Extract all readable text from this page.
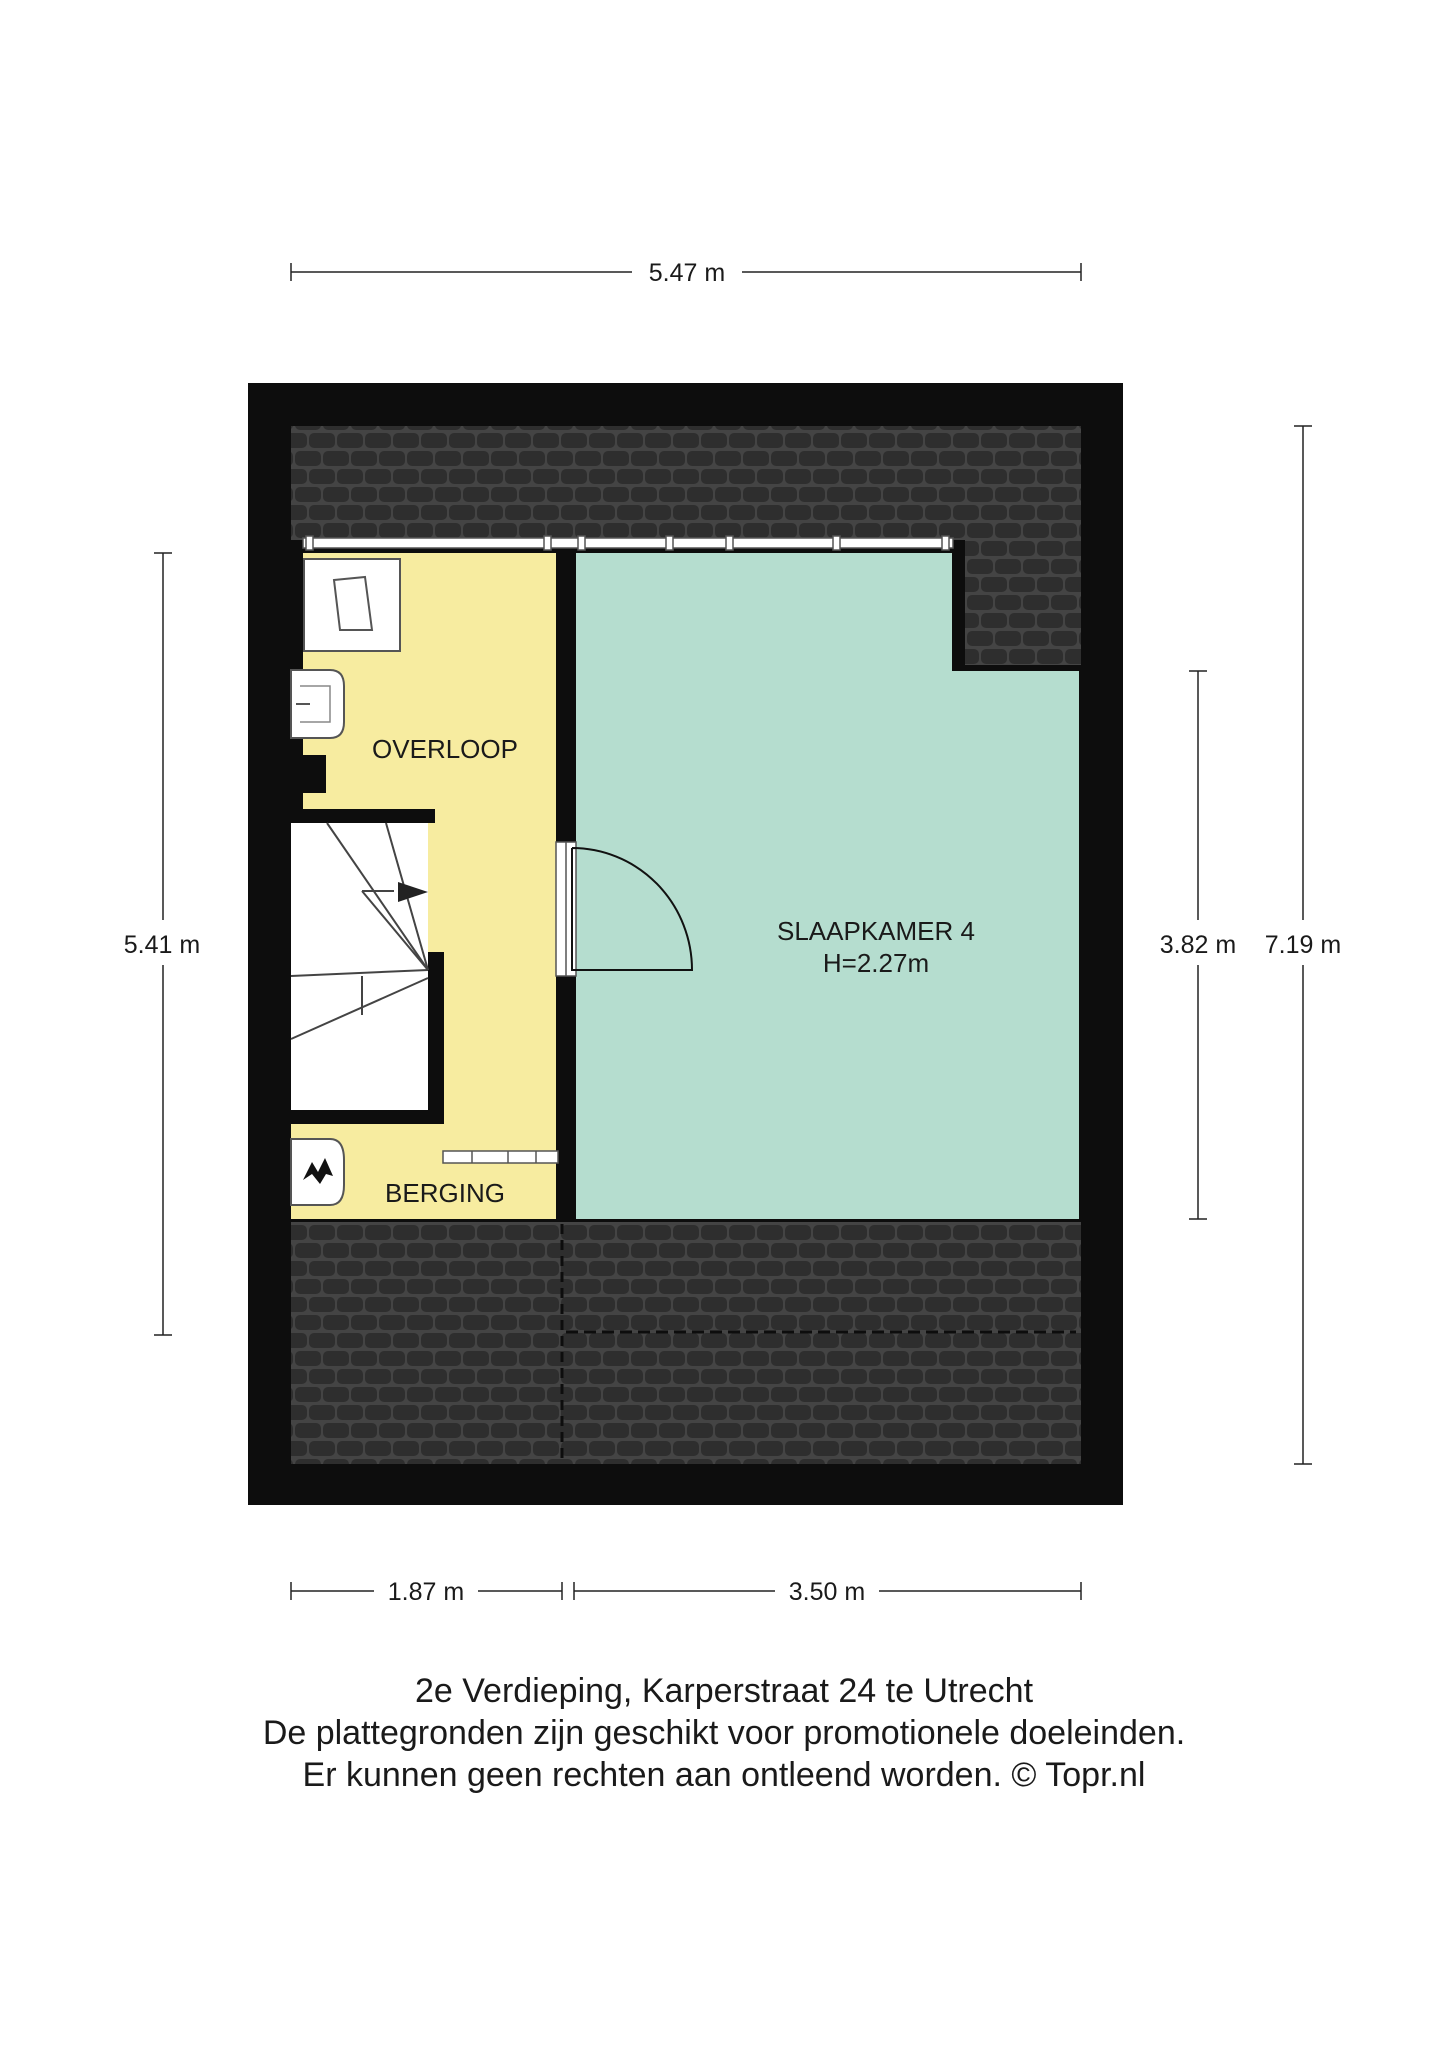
OVERLOOP
SLAAPKAMER 4
H=2.27m
BERGING
5.47 m
5.41 m	3.82 m 7.19 m
1.87 m	3.50 m
2e Verdieping, Karperstraat 24 te Utrecht
De plattegronden zijn geschikt voor promotionele doeleinden.
Er kunnen geen rechten aan ontleend worden. © Topr.nl
